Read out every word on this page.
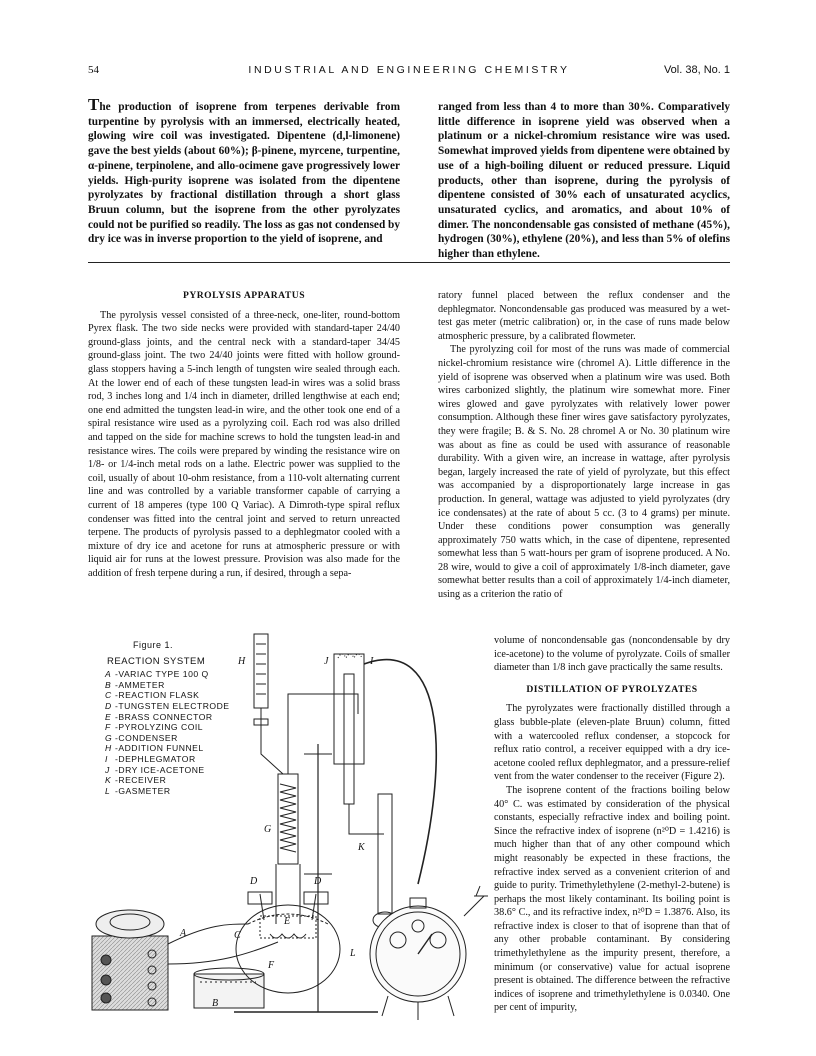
54	INDUSTRIAL AND ENGINEERING CHEMISTRY	Vol. 38, No. 1
The production of isoprene from terpenes derivable from turpentine by pyrolysis with an immersed, electrically heated, glowing wire coil was investigated. Dipentene (d,l-limonene) gave the best yields (about 60%); β-pinene, myrcene, turpentine, α-pinene, terpinolene, and allo-ocimene gave progressively lower yields. High-purity isoprene was isolated from the dipentene pyrolyzates by fractional distillation through a short glass Bruun column, but the isoprene from the other pyrolyzates could not be purified so readily. The loss as gas not condensed by dry ice was in inverse proportion to the yield of isoprene, and
ranged from less than 4 to more than 30%. Comparatively little difference in isoprene yield was observed when a platinum or a nickel-chromium resistance wire was used. Somewhat improved yields from dipentene were obtained by use of a high-boiling diluent or reduced pressure. Liquid products, other than isoprene, during the pyrolysis of dipentene consisted of 30% each of unsaturated acyclics, unsaturated cyclics, and aromatics, and about 10% of dimer. The noncondensable gas consisted of methane (45%), hydrogen (30%), ethylene (20%), and less than 5% of olefins higher than ethylene.

PYROLYSIS APPARATUS

The pyrolysis vessel consisted of a three-neck, one-liter, round-bottom Pyrex flask. The two side necks were provided with standard-taper 24/40 ground-glass joints, and the central neck with a standard-taper 34/45 ground-glass joint. The two 24/40 joints were fitted with hollow ground-glass stoppers having a 5-inch length of tungsten wire sealed through each. At the lower end of each of these tungsten lead-in wires was a solid brass rod, 3 inches long and 1/4 inch in diameter, drilled lengthwise at each end; one end admitted the tungsten lead-in wire, and the other took one end of a spiral resistance wire used as a pyrolyzing coil. Each rod was also drilled and tapped on the side for machine screws to hold the tungsten lead-in and resistance wires. The coils were prepared by winding the resistance wire on 1/8- or 1/4-inch metal rods on a lathe. Electric power was supplied to the coil, usually of about 10-ohm resistance, from a 110-volt alternating current line and was controlled by a variable transformer capable of carrying a current of 18 amperes (type 100 Q Variac). A Dimroth-type spiral reflux condenser was fitted into the central joint and served to return unreacted terpene. The products of pyrolysis passed to a dephlegmator cooled with a mixture of dry ice and acetone for runs at atmospheric pressure or with liquid air for runs at the lowest pressure. Provision was also made for the addition of fresh terpene during a run, if desired, through a sepa-

ratory funnel placed between the reflux condenser and the dephlegmator. Noncondensable gas produced was measured by a wet-test gas meter (metric calibration) or, in the case of runs made below atmospheric pressure, by a calibrated flowmeter.

The pyrolyzing coil for most of the runs was made of commercial nickel-chromium resistance wire (chromel A). Little difference in the yield of isoprene was observed when a platinum wire was used. Both wires carbonized slightly, the platinum wire somewhat more. Finer wires glowed and gave pyrolyzates with relatively lower power consumption. Although these finer wires gave satisfactory pyrolyzates, they were fragile; B. & S. No. 28 chromel A or No. 30 platinum wire was about as fine as could be used with assurance of reasonable durability. With a given wire, an increase in wattage, after pyrolysis began, largely increased the rate of yield of pyrolyzate, but this effect was accompanied by a disproportionately large increase in gas production. In general, wattage was adjusted to yield pyrolyzates (dry ice condensates) at the rate of about 5 cc. (3 to 4 grams) per minute. Under these conditions power consumption was generally approximately 750 watts which, in the case of dipentene, represented somewhat less than 5 watt-hours per gram of isoprene produced. A No. 28 wire, would to give a coil of approximately 1/8-inch diameter, gave somewhat better results than a coil of approximately 1/4-inch diameter, using as a criterion the ratio of

volume of noncondensable gas (noncondensable by dry ice-acetone) to the volume of pyrolyzate. Coils of smaller diameter than 1/8 inch gave practically the same results.

DISTILLATION OF PYROLYZATES

The pyrolyzates were fractionally distilled through a glass bubble-plate (eleven-plate Bruun) column, fitted with a watercooled reflux condenser, a stopcock for reflux ratio control, a receiver equipped with a dry ice-acetone cooled reflux dephlegmator, and a pressure-relief vent from the water condenser to the receiver (Figure 2).

The isoprene content of the fractions boiling below 40° C. was estimated by consideration of the physical constants, especially refractive index and boiling point. Since the refractive index of isoprene (n²⁰D = 1.4216) is much higher than that of any other compound which might reasonably be expected in these fractions, the refractive index served as a convenient criterion of and guide to purity. Trimethylethylene (2-methyl-2-butene) is perhaps the most likely contaminant. Its boiling point is 38.6° C., and its refractive index, n²⁰D = 1.3876. Also, its refractive index is closer to that of isoprene than that of any other probable contaminant. By considering trimethylethylene as the impurity present, therefore, a minimum (or conservative) value for actual isoprene present is obtained. The difference between the refractive indices of isoprene and trimethylethylene is 0.0340. One per cent of impurity,

Figure 1.
REACTION SYSTEM
A -VARIAC TYPE 100 Q
B -AMMETER
C -REACTION FLASK
D -TUNGSTEN ELECTRODE
E -BRASS CONNECTOR
F -PYROLYZING COIL
G -CONDENSER
H -ADDITION FUNNEL
I -DEPHLEGMATOR
J -DRY ICE-ACETONE
K -RECEIVER
L -GASMETER
A
B
C
D	D
E
F
G
H	I
J
K
L
